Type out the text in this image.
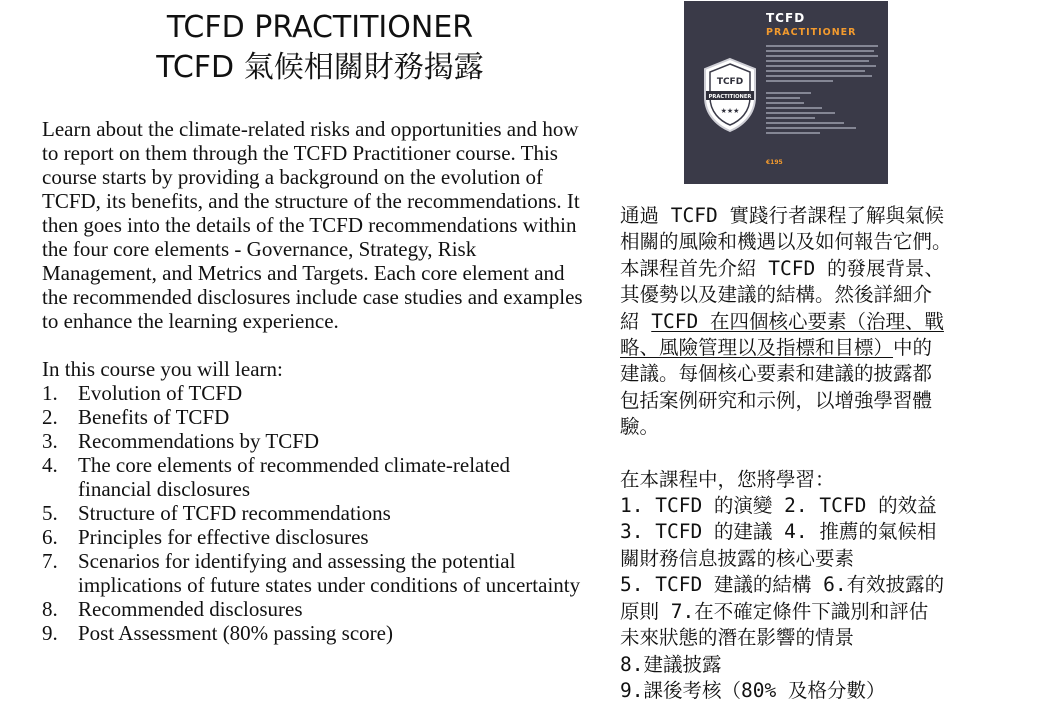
TCFD PRACTITIONER
TCFD 氣候相關財務揭露

Learn about the climate-related risks and opportunities and how to report on them through the TCFD Practitioner course. This course starts by providing a background on the evolution of TCFD, its benefits, and the structure of the recommendations. It then goes into the details of the TCFD recommendations within the four core elements - Governance, Strategy, Risk Management, and Metrics and Targets. Each core element and the recommended disclosures include case studies and examples to enhance the learning experience.

In this course you will learn:

1. Evolution of TCFD
2. Benefits of TCFD
3. Recommendations by TCFD
4. The core elements of recommended climate-related financial disclosures
5. Structure of TCFD recommendations
6. Principles for effective disclosures
7. Scenarios for identifying and assessing the potential implications of future states under conditions of uncertainty
8. Recommended disclosures
9. Post Assessment (80% passing score)
TCFD
PRACTITIONER
TCFD
PRACTITIONER
★★★
€195

通過 TCFD 實踐行者課程了解與氣候

相關的風險和機遇以及如何報告它們。

本課程首先介紹 TCFD 的發展背景、

其優勢以及建議的結構。然後詳細介

紹 TCFD 在四個核心要素（治理、戰

略、風險管理以及指標和目標）中的

建議。每個核心要素和建議的披露都

包括案例研究和示例，以增強學習體

驗。

在本課程中，您將學習：

1. TCFD 的演變 2. TCFD 的效益

3. TCFD 的建議 4. 推薦的氣候相

關財務信息披露的核心要素

5. TCFD 建議的結構 6.有效披露的

原則 7.在不確定條件下識別和評估

未來狀態的潛在影響的情景

8.建議披露

9.課後考核（80% 及格分數）
